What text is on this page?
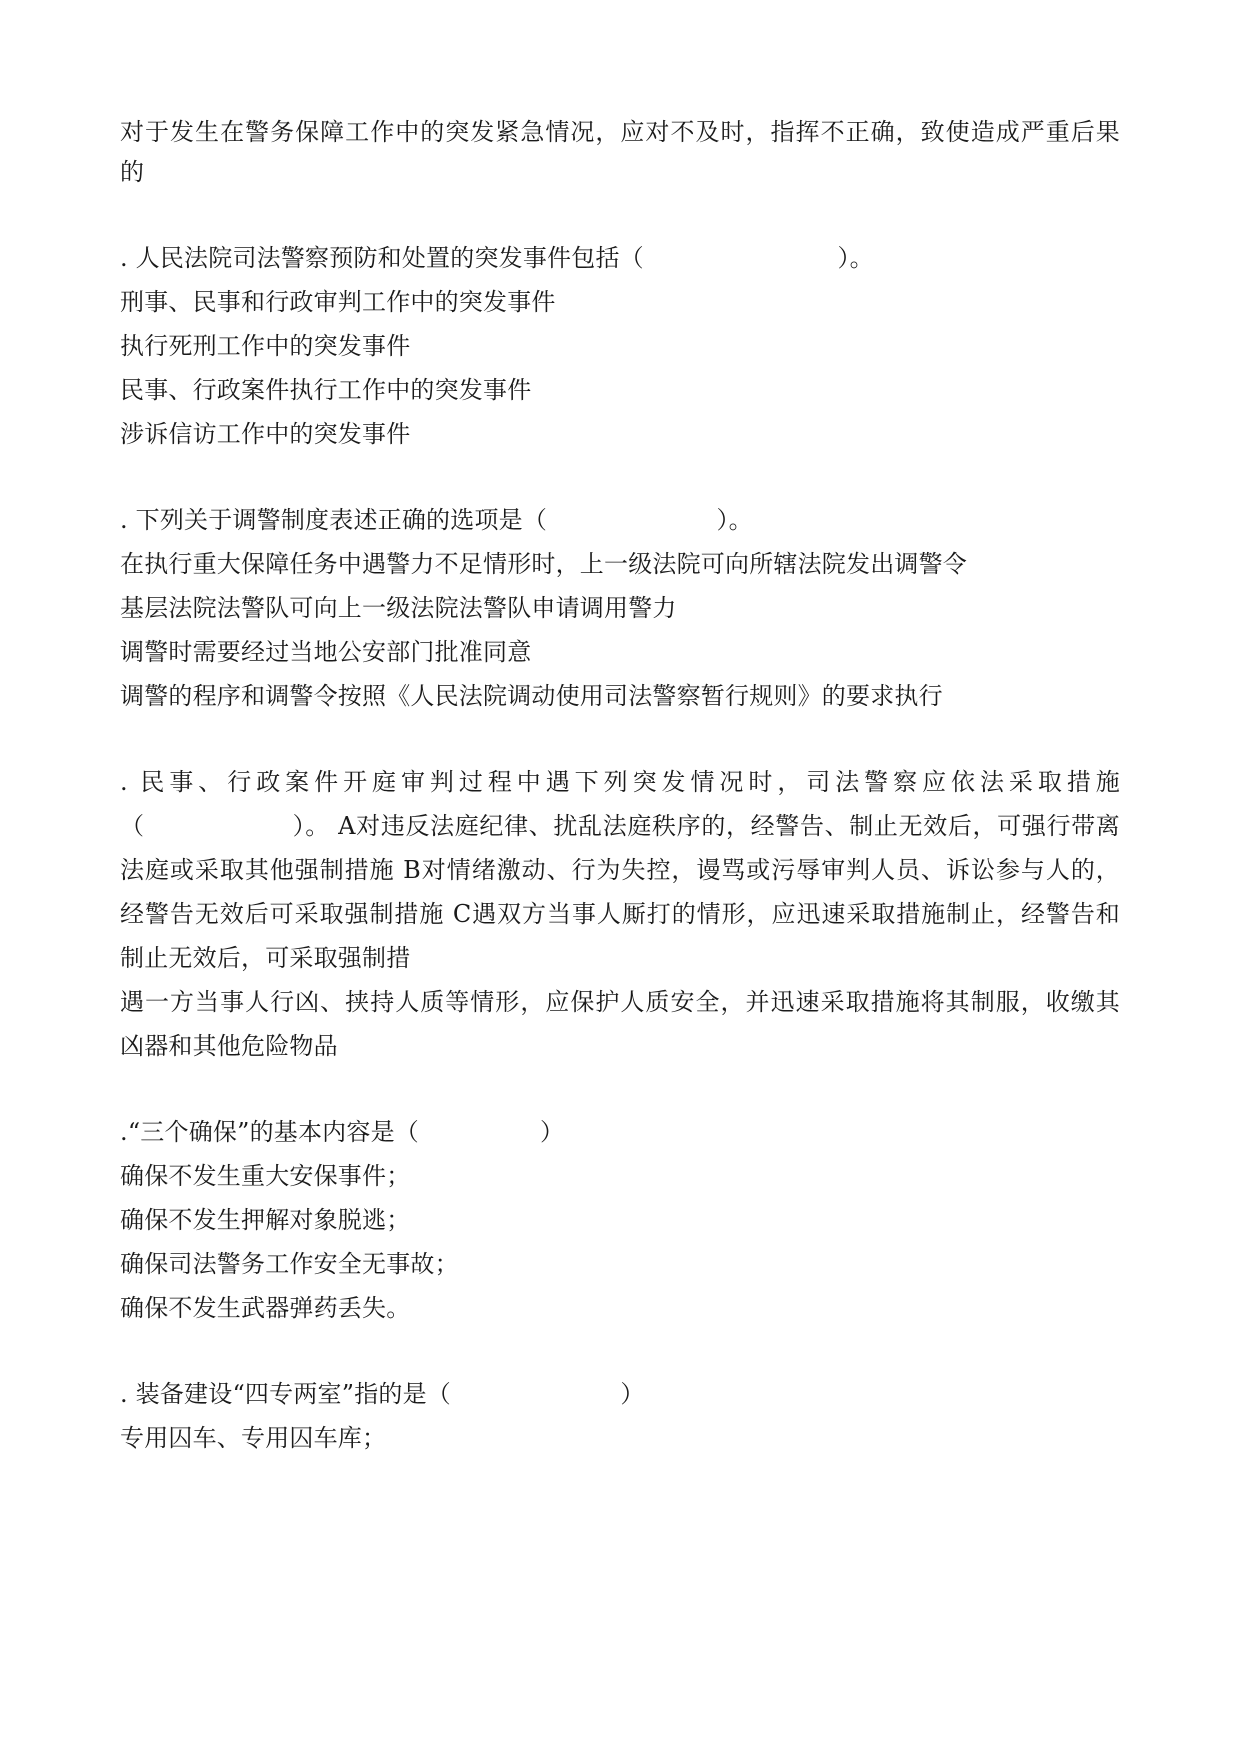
对于发生在警务保障工作中的突发紧急情况，应对不及时，指挥不正确，致使造成严重后果
的
. 人民法院司法警察预防和处置的突发事件包括（　　　　　　　　）。
刑事、民事和行政审判工作中的突发事件
执行死刑工作中的突发事件
民事、行政案件执行工作中的突发事件
涉诉信访工作中的突发事件
. 下列关于调警制度表述正确的选项是（　　　　　　　）。
在执行重大保障任务中遇警力不足情形时，上一级法院可向所辖法院发出调警令
基层法院法警队可向上一级法院法警队申请调用警力
调警时需要经过当地公安部门批准同意
调警的程序和调警令按照《人民法院调动使用司法警察暂行规则》的要求执行
. 民事、行政案件开庭审判过程中遇下列突发情况时，司法警察应依法采取措施
（　　　　　　）。 A对违反法庭纪律、扰乱法庭秩序的，经警告、制止无效后，可强行带离
法庭或采取其他强制措施 B对情绪激动、行为失控，谩骂或污辱审判人员、诉讼参与人的，
经警告无效后可采取强制措施 C遇双方当事人厮打的情形，应迅速采取措施制止，经警告和
制止无效后，可采取强制措
遇一方当事人行凶、挟持人质等情形，应保护人质安全，并迅速采取措施将其制服，收缴其
凶器和其他危险物品
.“三个确保”的基本内容是（　　　　　）
确保不发生重大安保事件；
确保不发生押解对象脱逃；
确保司法警务工作安全无事故；
确保不发生武器弹药丢失。
. 装备建设“四专两室”指的是（　　　　　　　）
专用囚车、专用囚车库；
